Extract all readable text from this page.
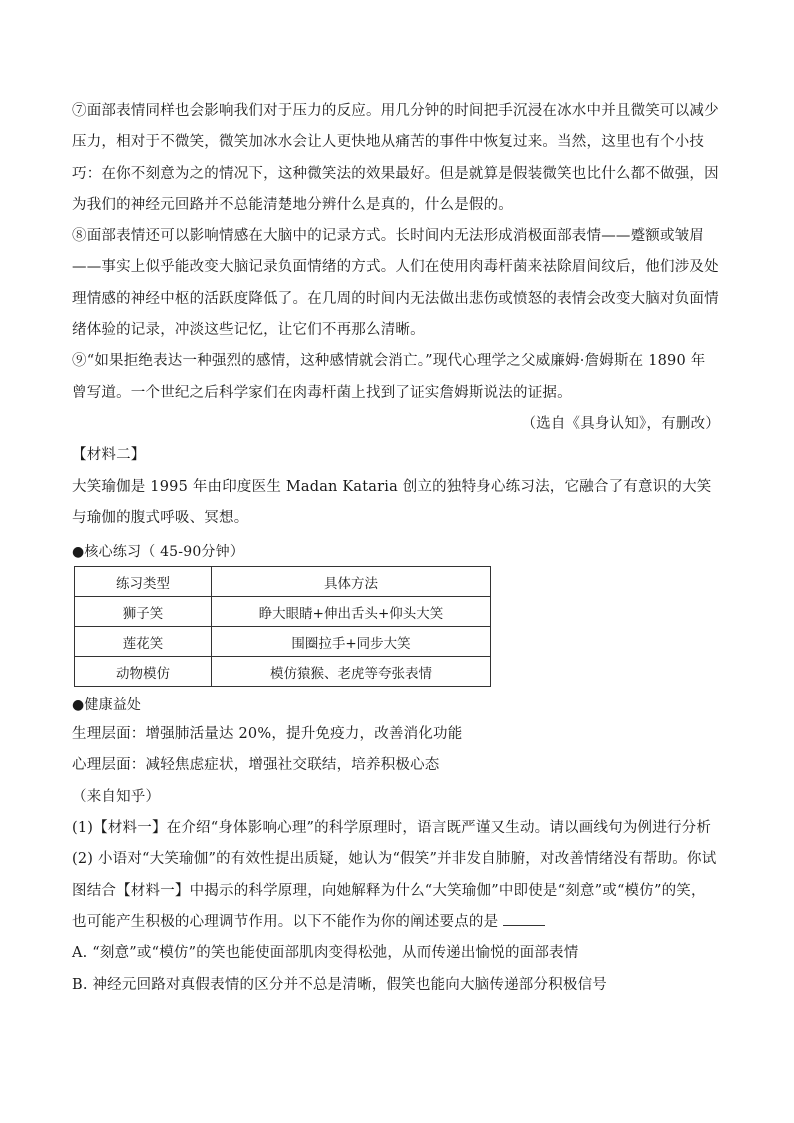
⑦面部表情同样也会影响我们对于压力的反应。用几分钟的时间把手沉浸在冰水中并且微笑可以减少压力，相对于不微笑，微笑加冰水会让人更快地从痛苦的事件中恢复过来。当然，这里也有个小技巧：在你不刻意为之的情况下，这种微笑法的效果最好。但是就算是假装微笑也比什么都不做强，因为我们的神经元回路并不总能清楚地分辨什么是真的，什么是假的。

⑧面部表情还可以影响情感在大脑中的记录方式。长时间内无法形成消极面部表情——蹙额或皱眉——事实上似乎能改变大脑记录负面情绪的方式。人们在使用肉毒杆菌来祛除眉间纹后，他们涉及处理情感的神经中枢的活跃度降低了。在几周的时间内无法做出悲伤或愤怒的表情会改变大脑对负面情绪体验的记录，冲淡这些记忆，让它们不再那么清晰。

⑨“如果拒绝表达一种强烈的感情，这种感情就会消亡。”现代心理学之父威廉姆·詹姆斯在 1890 年曾写道。一个世纪之后科学家们在肉毒杆菌上找到了证实詹姆斯说法的证据。

（选自《具身认知》，有删改）

【材料二】

大笑瑜伽是 1995 年由印度医生 Madan Kataria 创立的独特身心练习法，它融合了有意识的大笑与瑜伽的腹式呼吸、冥想。

●核心练习（ 45-90分钟）

练习类型	具体方法
狮子笑	睁大眼睛+伸出舌头+仰头大笑
莲花笑	围圈拉手+同步大笑
动物模仿	模仿猿猴、老虎等夸张表情

●健康益处

生理层面：增强肺活量达 20%，提升免疫力，改善消化功能

心理层面：减轻焦虑症状，增强社交联结，培养积极心态

（来自知乎）

(1)【材料一】在介绍“身体影响心理”的科学原理时，语言既严谨又生动。请以画线句为例进行分析

(2) 小语对“大笑瑜伽”的有效性提出质疑，她认为“假笑”并非发自肺腑，对改善情绪没有帮助。你试图结合【材料一】中揭示的科学原理，向她解释为什么“大笑瑜伽”中即使是“刻意”或“模仿”的笑，也可能产生积极的心理调节作用。以下不能作为你的阐述要点的是

A. “刻意”或“模仿”的笑也能使面部肌肉变得松弛，从而传递出愉悦的面部表情

B. 神经元回路对真假表情的区分并不总是清晰，假笑也能向大脑传递部分积极信号
